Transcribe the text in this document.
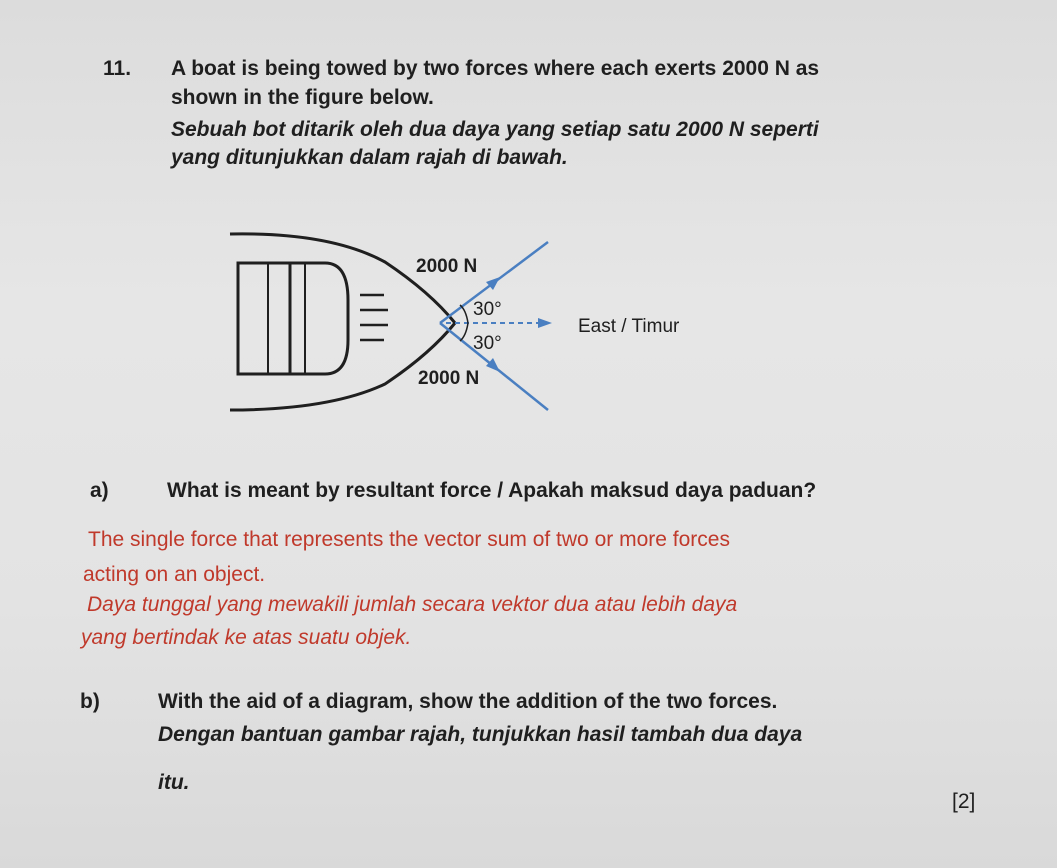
11. A boat is being towed by two forces where each exerts 2000 N as
shown in the figure below.
Sebuah bot ditarik oleh dua daya yang setiap satu 2000 N seperti
yang ditunjukkan dalam rajah di bawah.
2000 N
30°
30°
2000 N
East / Timur
a)	What is meant by resultant force / Apakah maksud daya paduan?
The single force that represents the vector sum of two or more forces
acting on an object.
Daya tunggal yang mewakili jumlah secara vektor dua atau lebih daya
yang bertindak ke atas suatu objek.
b)	With the aid of a diagram, show the addition of the two forces.
Dengan bantuan gambar rajah, tunjukkan hasil tambah dua daya
itu.
[2]
